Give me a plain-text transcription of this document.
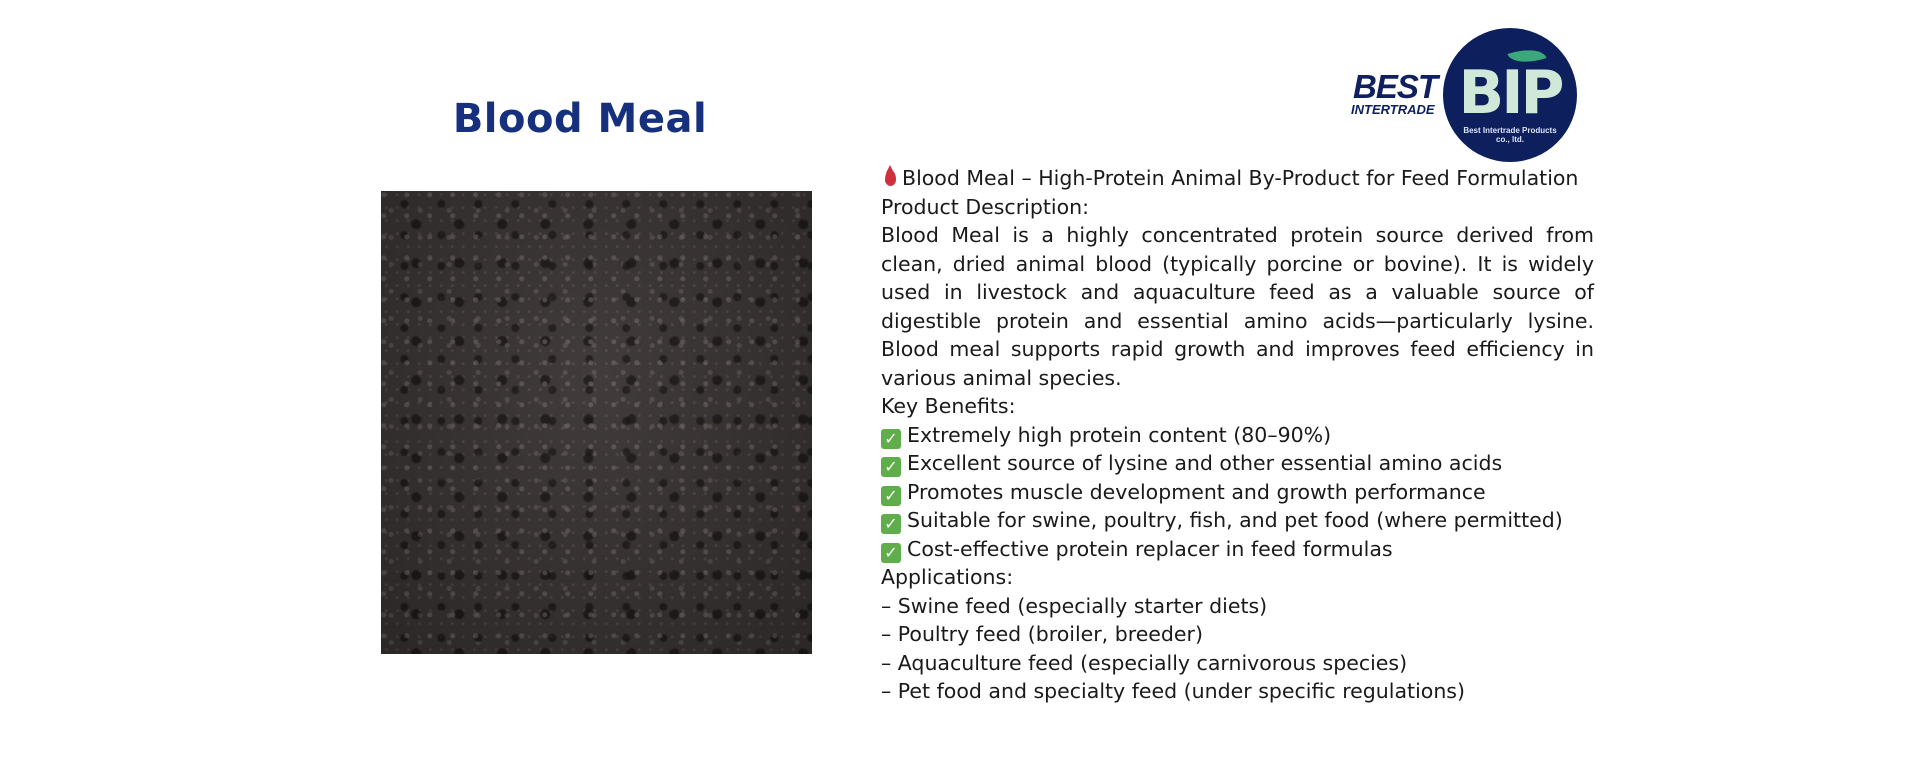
Blood Meal
BEST
INTERTRADE BIP
Best Intertrade Products
co., ltd.

Blood Meal – High-Protein Animal By-Product for Feed Formulation

Product Description:

Blood Meal is a highly concentrated protein source derived from clean, dried animal blood (typically porcine or bovine). It is widely used in livestock and aquaculture feed as a valuable source of digestible protein and essential amino acids—particularly lysine. Blood meal supports rapid growth and improves feed efficiency in various animal species.

Key Benefits:

✓ Extremely high protein content (80–90%)

✓ Excellent source of lysine and other essential amino acids

✓ Promotes muscle development and growth performance

✓ Suitable for swine, poultry, fish, and pet food (where permitted)

✓ Cost-effective protein replacer in feed formulas

Applications:

– Swine feed (especially starter diets)

– Poultry feed (broiler, breeder)

– Aquaculture feed (especially carnivorous species)

– Pet food and specialty feed (under specific regulations)
